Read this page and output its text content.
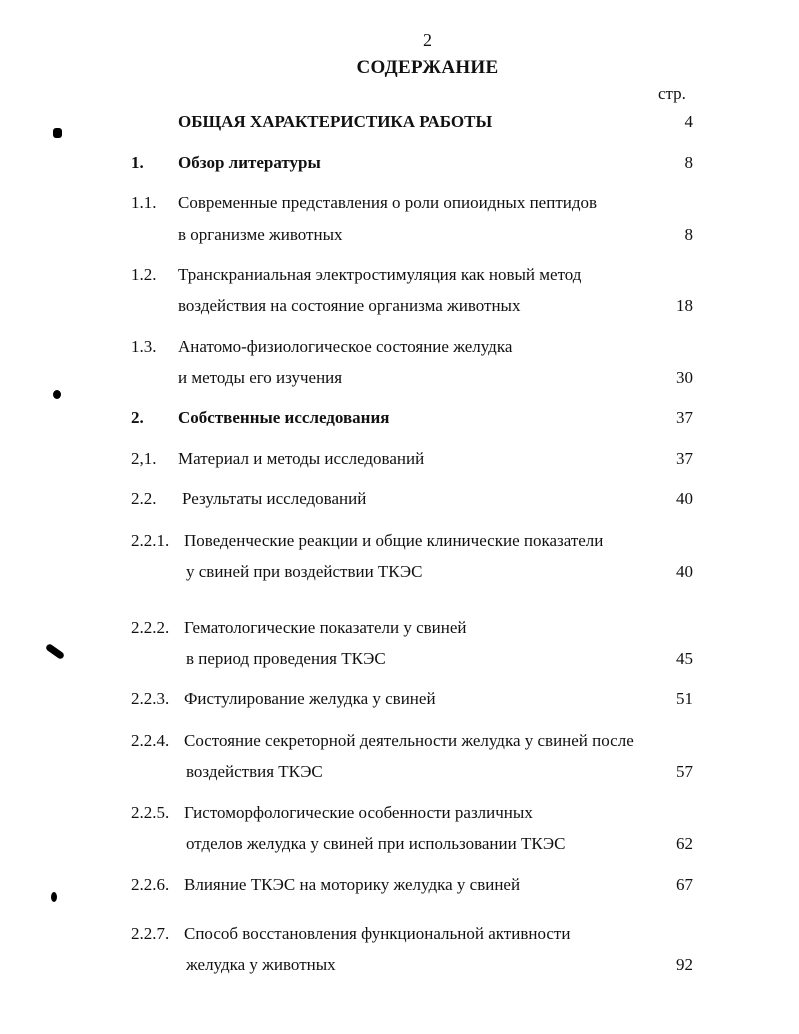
2
СОДЕРЖАНИЕ
стр.
ОБЩАЯ ХАРАКТЕРИСТИКА РАБОТЫ	4
1. Обзор литературы	8
1.1. Современные представления о роли опиоидных пептидов
в организме животных	8
1.2. Транскраниальная электростимуляция как новый метод
воздействия на состояние организма животных	18
1.3. Анатомо-физиологическое состояние желудка
и методы его изучения	30
2. Собственные исследования	37
2,1. Материал и методы исследований	37
2.2. Результаты исследований	40
2.2.1. Поведенческие реакции и общие клинические показатели
у свиней при воздействии ТКЭС	40
2.2.2. Гематологические показатели у свиней
в период проведения ТКЭС	45
2.2.3. Фистулирование желудка у свиней	51
2.2.4. Состояние секреторной деятельности желудка у свиней после
воздействия ТКЭС	57
2.2.5. Гистоморфологические особенности различных
отделов желудка у свиней при использовании ТКЭС	62
2.2.6. Влияние ТКЭС на моторику желудка у свиней	67
2.2.7. Способ восстановления функциональной активности
желудка у животных	92
